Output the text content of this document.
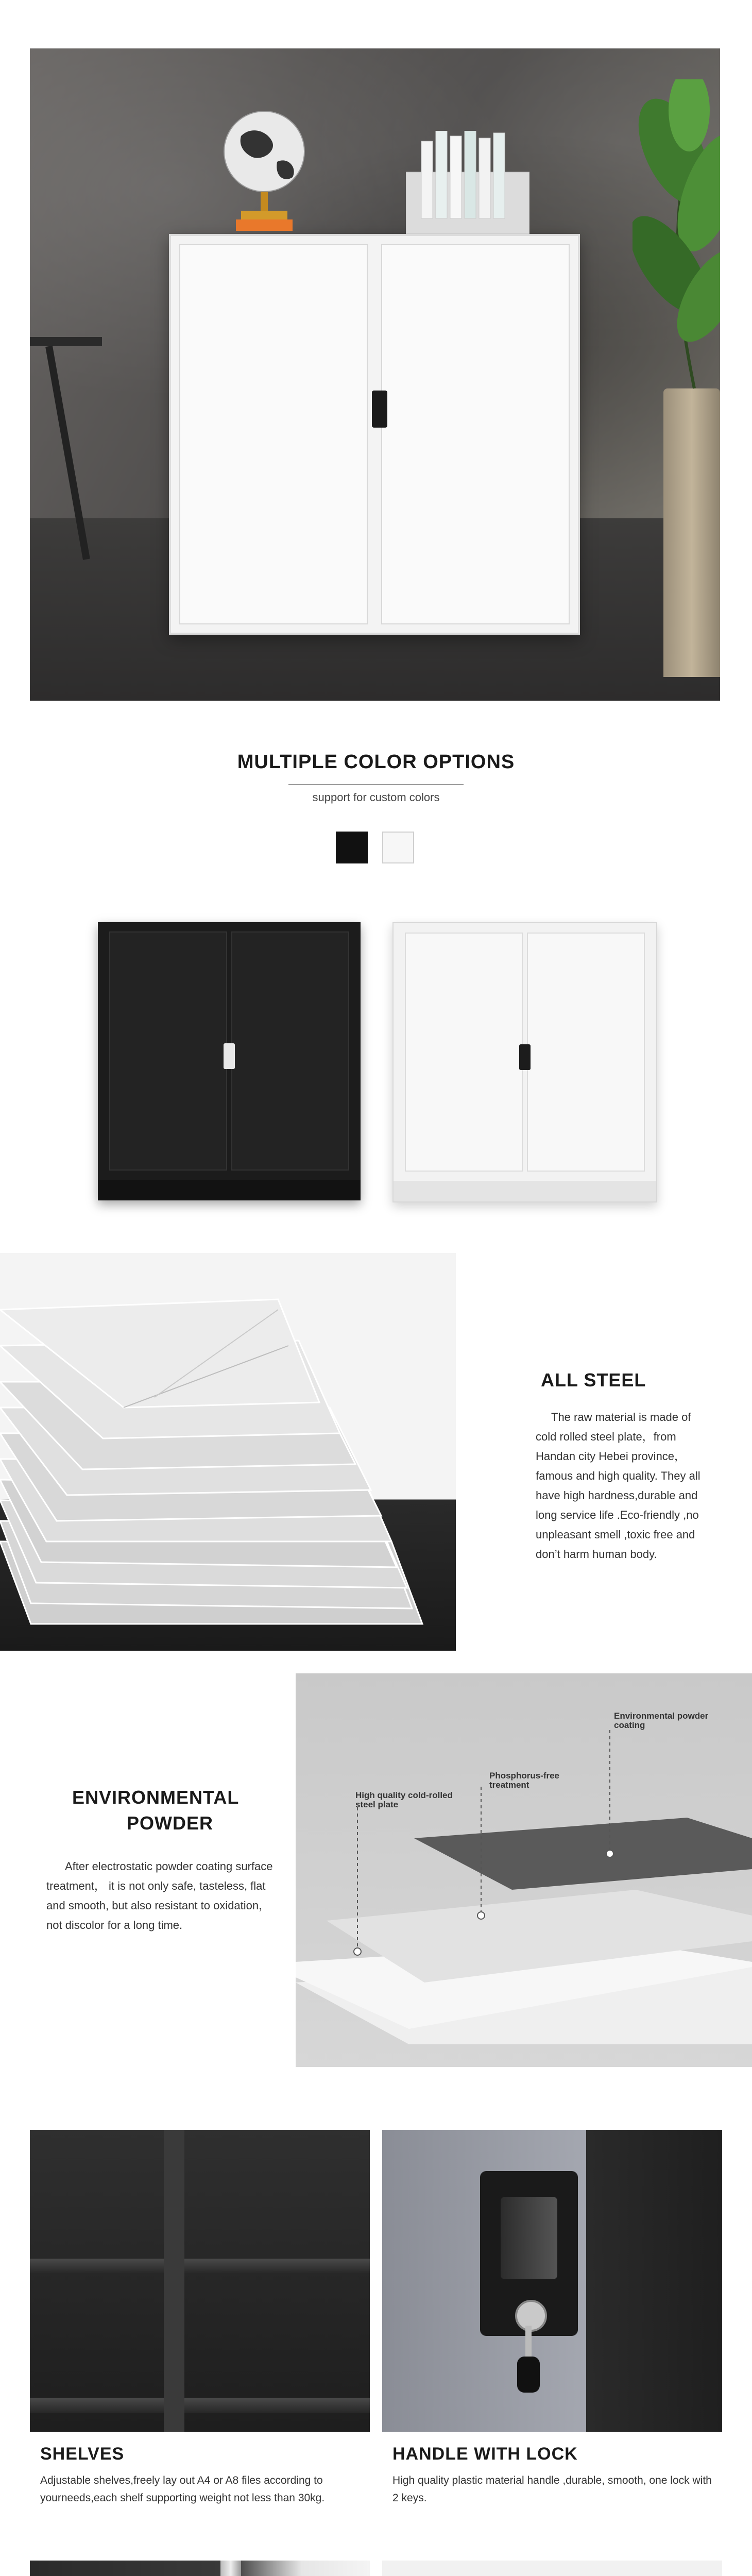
MULTIPLE COLOR OPTIONS
support for custom colors
ALL STEEL
The raw material is made of cold rolled steel plate，from Handan city Hebei province，famous and high quality. They all have high hardness,durable and long service life .Eco-friendly ,no unpleasant smell ,toxic free and don’t harm human body.
ENVIRONMENTAL
POWDER
After electrostatic powder coating surface treatment， it is not only safe, tasteless, flat and smooth, but also resistant to oxidation，not discolor for a long time.
Environmental powder coating
Phosphorus-free treatment
High quality cold-rolled steel plate
SHELVES
Adjustable shelves,freely lay out A4 or A8 files according to yourneeds,each shelf supporting weight not less than 30kg.
HANDLE WITH LOCK
High quality plastic material handle ,durable, smooth, one lock with 2 keys.
